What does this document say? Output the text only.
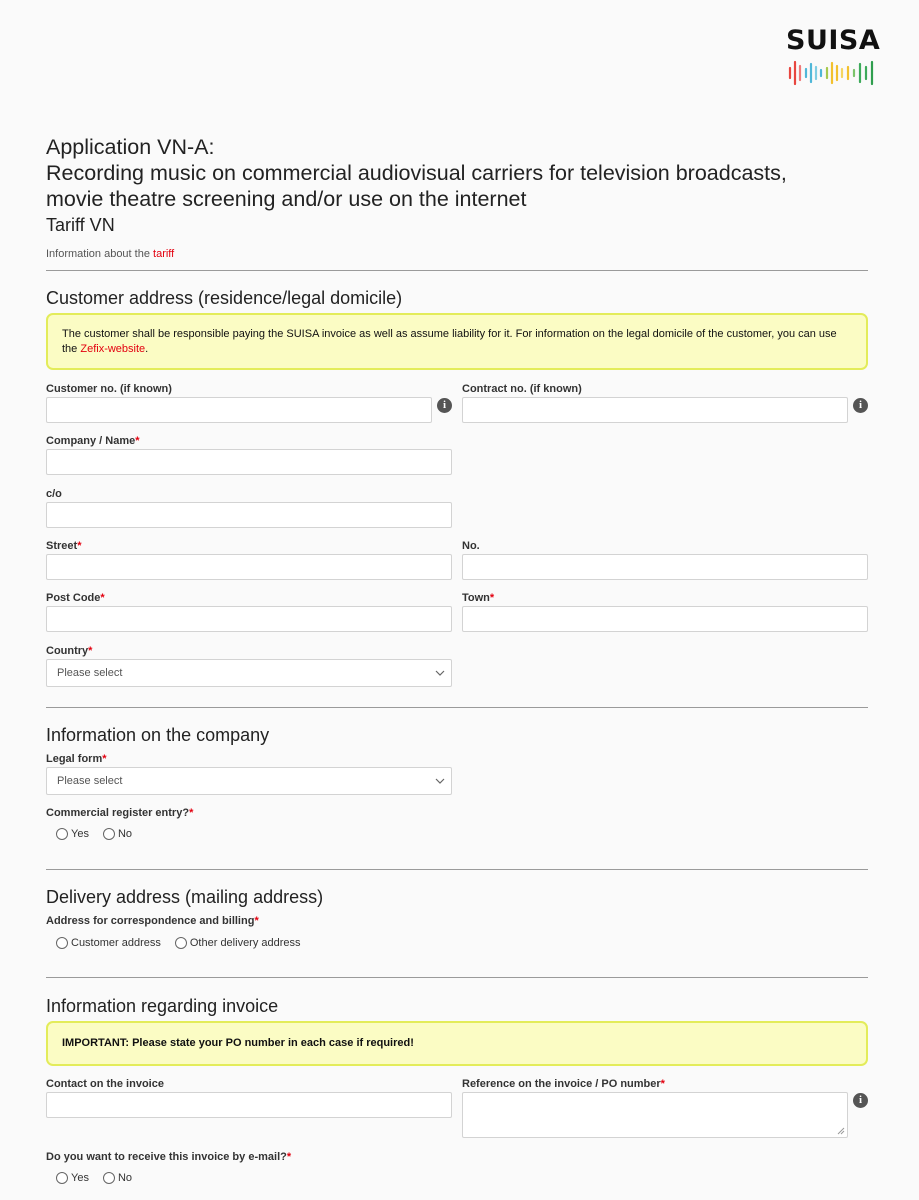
SUISA
Application VN-A:
Recording music on commercial audiovisual carriers for television broadcasts,
movie theatre screening and/or use on the internet
Tariff VN
Information about the tariff
Customer address (residence/legal domicile)
The customer shall be responsible paying the SUISA invoice as well as assume liability for it. For information on the legal domicile of the customer, you can use the Zefix-website.
Customer no. (if known)
i
Contract no. (if known)
i
Company / Name*
c/o
Street*	No.
Post Code*	Town*
Country*
Please select
Information on the company
Legal form*
Please select
Commercial register entry?*
Yes	No
Delivery address (mailing address)
Address for correspondence and billing*
Customer address	Other delivery address
Information regarding invoice
IMPORTANT: Please state your PO number in each case if required!
Contact on the invoice	Reference on the invoice / PO number*
i
Do you want to receive this invoice by e-mail?*
Yes	No
